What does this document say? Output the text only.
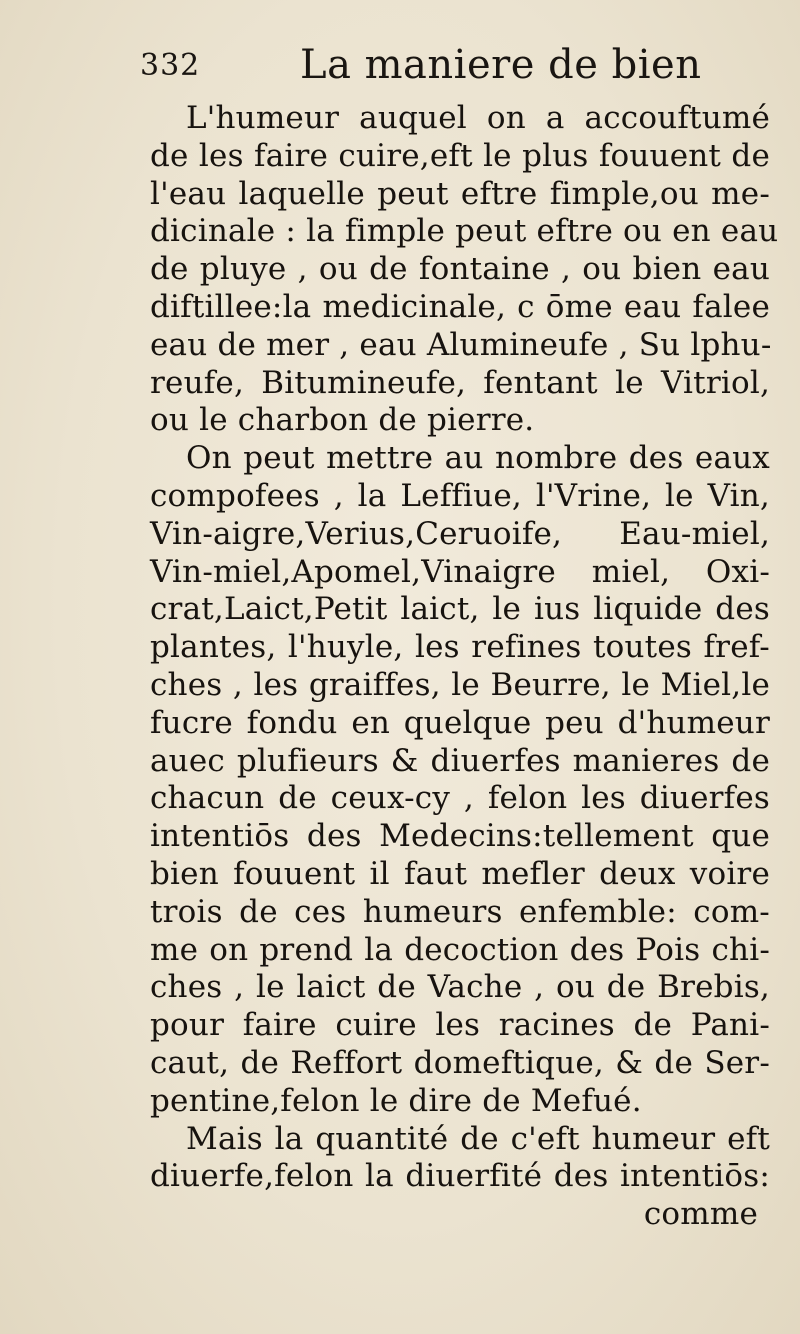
332 La maniere de bien
L'humeur auquel on a accouftumé
de les faire cuire,eft le plus fouuent de
l'eau laquelle peut eftre fimple,ou me-
dicinale : la fimple peut eftre ou en eau
de pluye , ou de fontaine , ou bien eau
diftillee:la medicinale, c ōme eau falee
eau de mer , eau Alumineufe , Su lphu-
reufe, Bitumineufe, fentant le Vitriol,
ou le charbon de pierre.
On peut mettre au nombre des eaux
compofees , la Leffiue, l'Vrine, le Vin,
Vin-aigre,Verius,Ceruoife, Eau-miel,
Vin-miel,Apomel,Vinaigre miel, Oxi-
crat,Laict,Petit laict, le ius liquide des
plantes, l'huyle, les refines toutes fref-
ches , les graiffes, le Beurre, le Miel,le
fucre fondu en quelque peu d'humeur
auec plufieurs & diuerfes manieres de
chacun de ceux-cy , felon les diuerfes
intentiōs des Medecins:tellement que
bien fouuent il faut mefler deux voire
trois de ces humeurs enfemble: com-
me on prend la decoction des Pois chi-
ches , le laict de Vache , ou de Brebis,
pour faire cuire les racines de Pani-
caut, de Reffort domeftique, & de Ser-
pentine,felon le dire de Mefué.
Mais la quantité de c'eft humeur eft
diuerfe,felon la diuerfité des intentiōs:
comme
